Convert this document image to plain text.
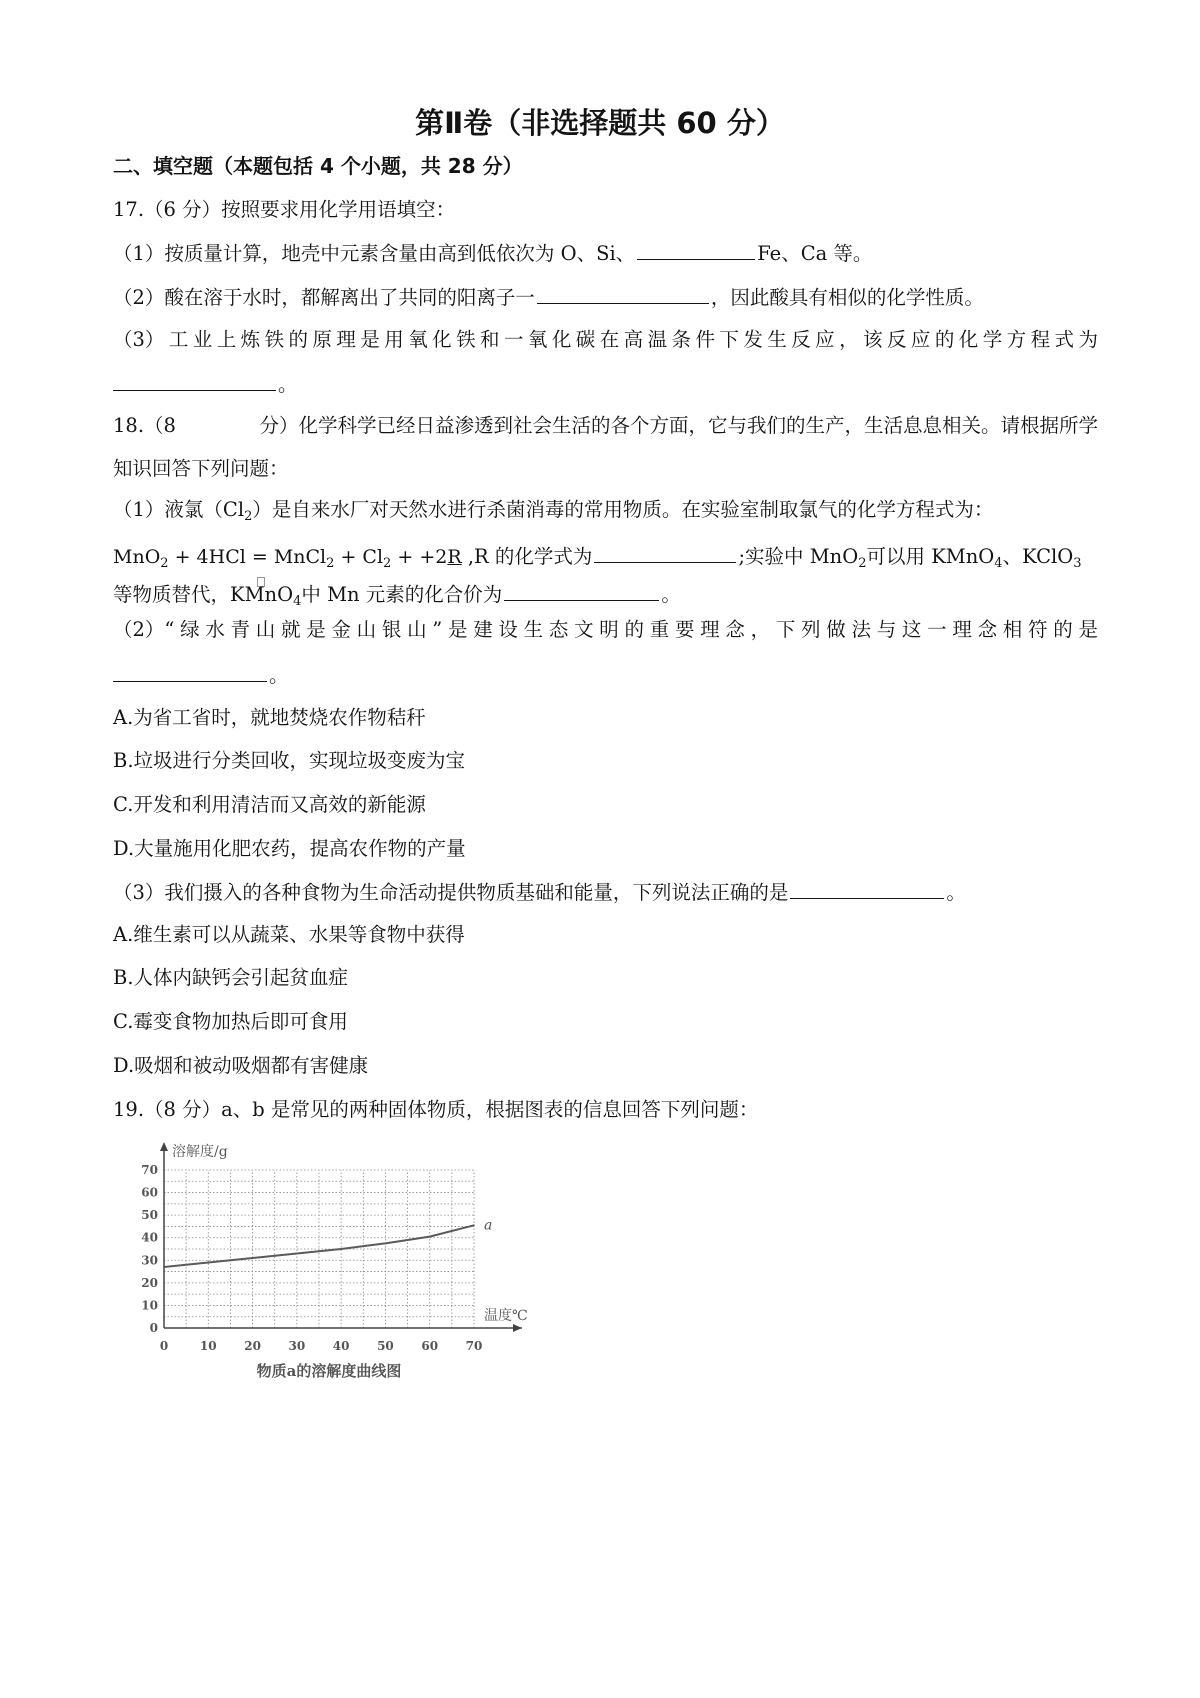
第Ⅱ卷（非选择题共 60 分）
二、填空题（本题包括 4 个小题，共 28 分）
17.（6 分）按照要求用化学用语填空：
（1）按质量计算，地壳中元素含量由高到低依次为 O、Si、	Fe、Ca 等。
（2）酸在溶于水时，都解离出了共同的阳离子一	，因此酸具有相似的化学性质。
（3） 工 业 上 炼 铁 的 原 理 是 用 氧 化 铁 和 一 氧 化 碳 在 高 温 条 件 下 发 生 反 应 ， 该 反 应 的 化 学 方 程 式 为
。
18.（8	分）化学科学已经日益渗透到社会生活的各个方面，它与我们的生产，生活息息相关。请根据所学
知识回答下列问题：
（1）液氯$(Cl_2)$是自来水厂对天然水进行杀菌消毒的常用物质。在实验室制取氯气的化学方程式为：
MnO$_2$ + 4HCl = MnCl$_2$ + $Cl_2 + +2R$ ,R 的化学式为	;实验中 MnO$_2$可以用 KMnO$_4$、KClO$_3$
等物质替代，KMnO$_4$中 Mn 元素的化合价为	。
（2）“ 绿 水 青 山 就 是 金 山 银 山 ” 是 建 设 生 态 文 明 的 重 要 理 念 ， 下 列 做 法 与 这 一 理 念 相 符 的 是
。
A.为省工省时，就地焚烧农作物秸秆
B.垃圾进行分类回收，实现垃圾变废为宝
C.开发和利用清洁而又高效的新能源
D.大量施用化肥农药，提高农作物的产量
（3）我们摄入的各种食物为生命活动提供物质基础和能量，下列说法正确的是	。
A.维生素可以从蔬菜、水果等食物中获得
B.人体内缺钙会引起贫血症
C.霉变食物加热后即可食用
D.吸烟和被动吸烟都有害健康
19.（8 分）a、b 是常见的两种固体物质，根据图表的信息回答下列问题：
0	10 20 30 40 50 60 70
0
10
20
30
40
50
60
70
溶解度/g
温度℃
a
物质a的溶解度曲线图
